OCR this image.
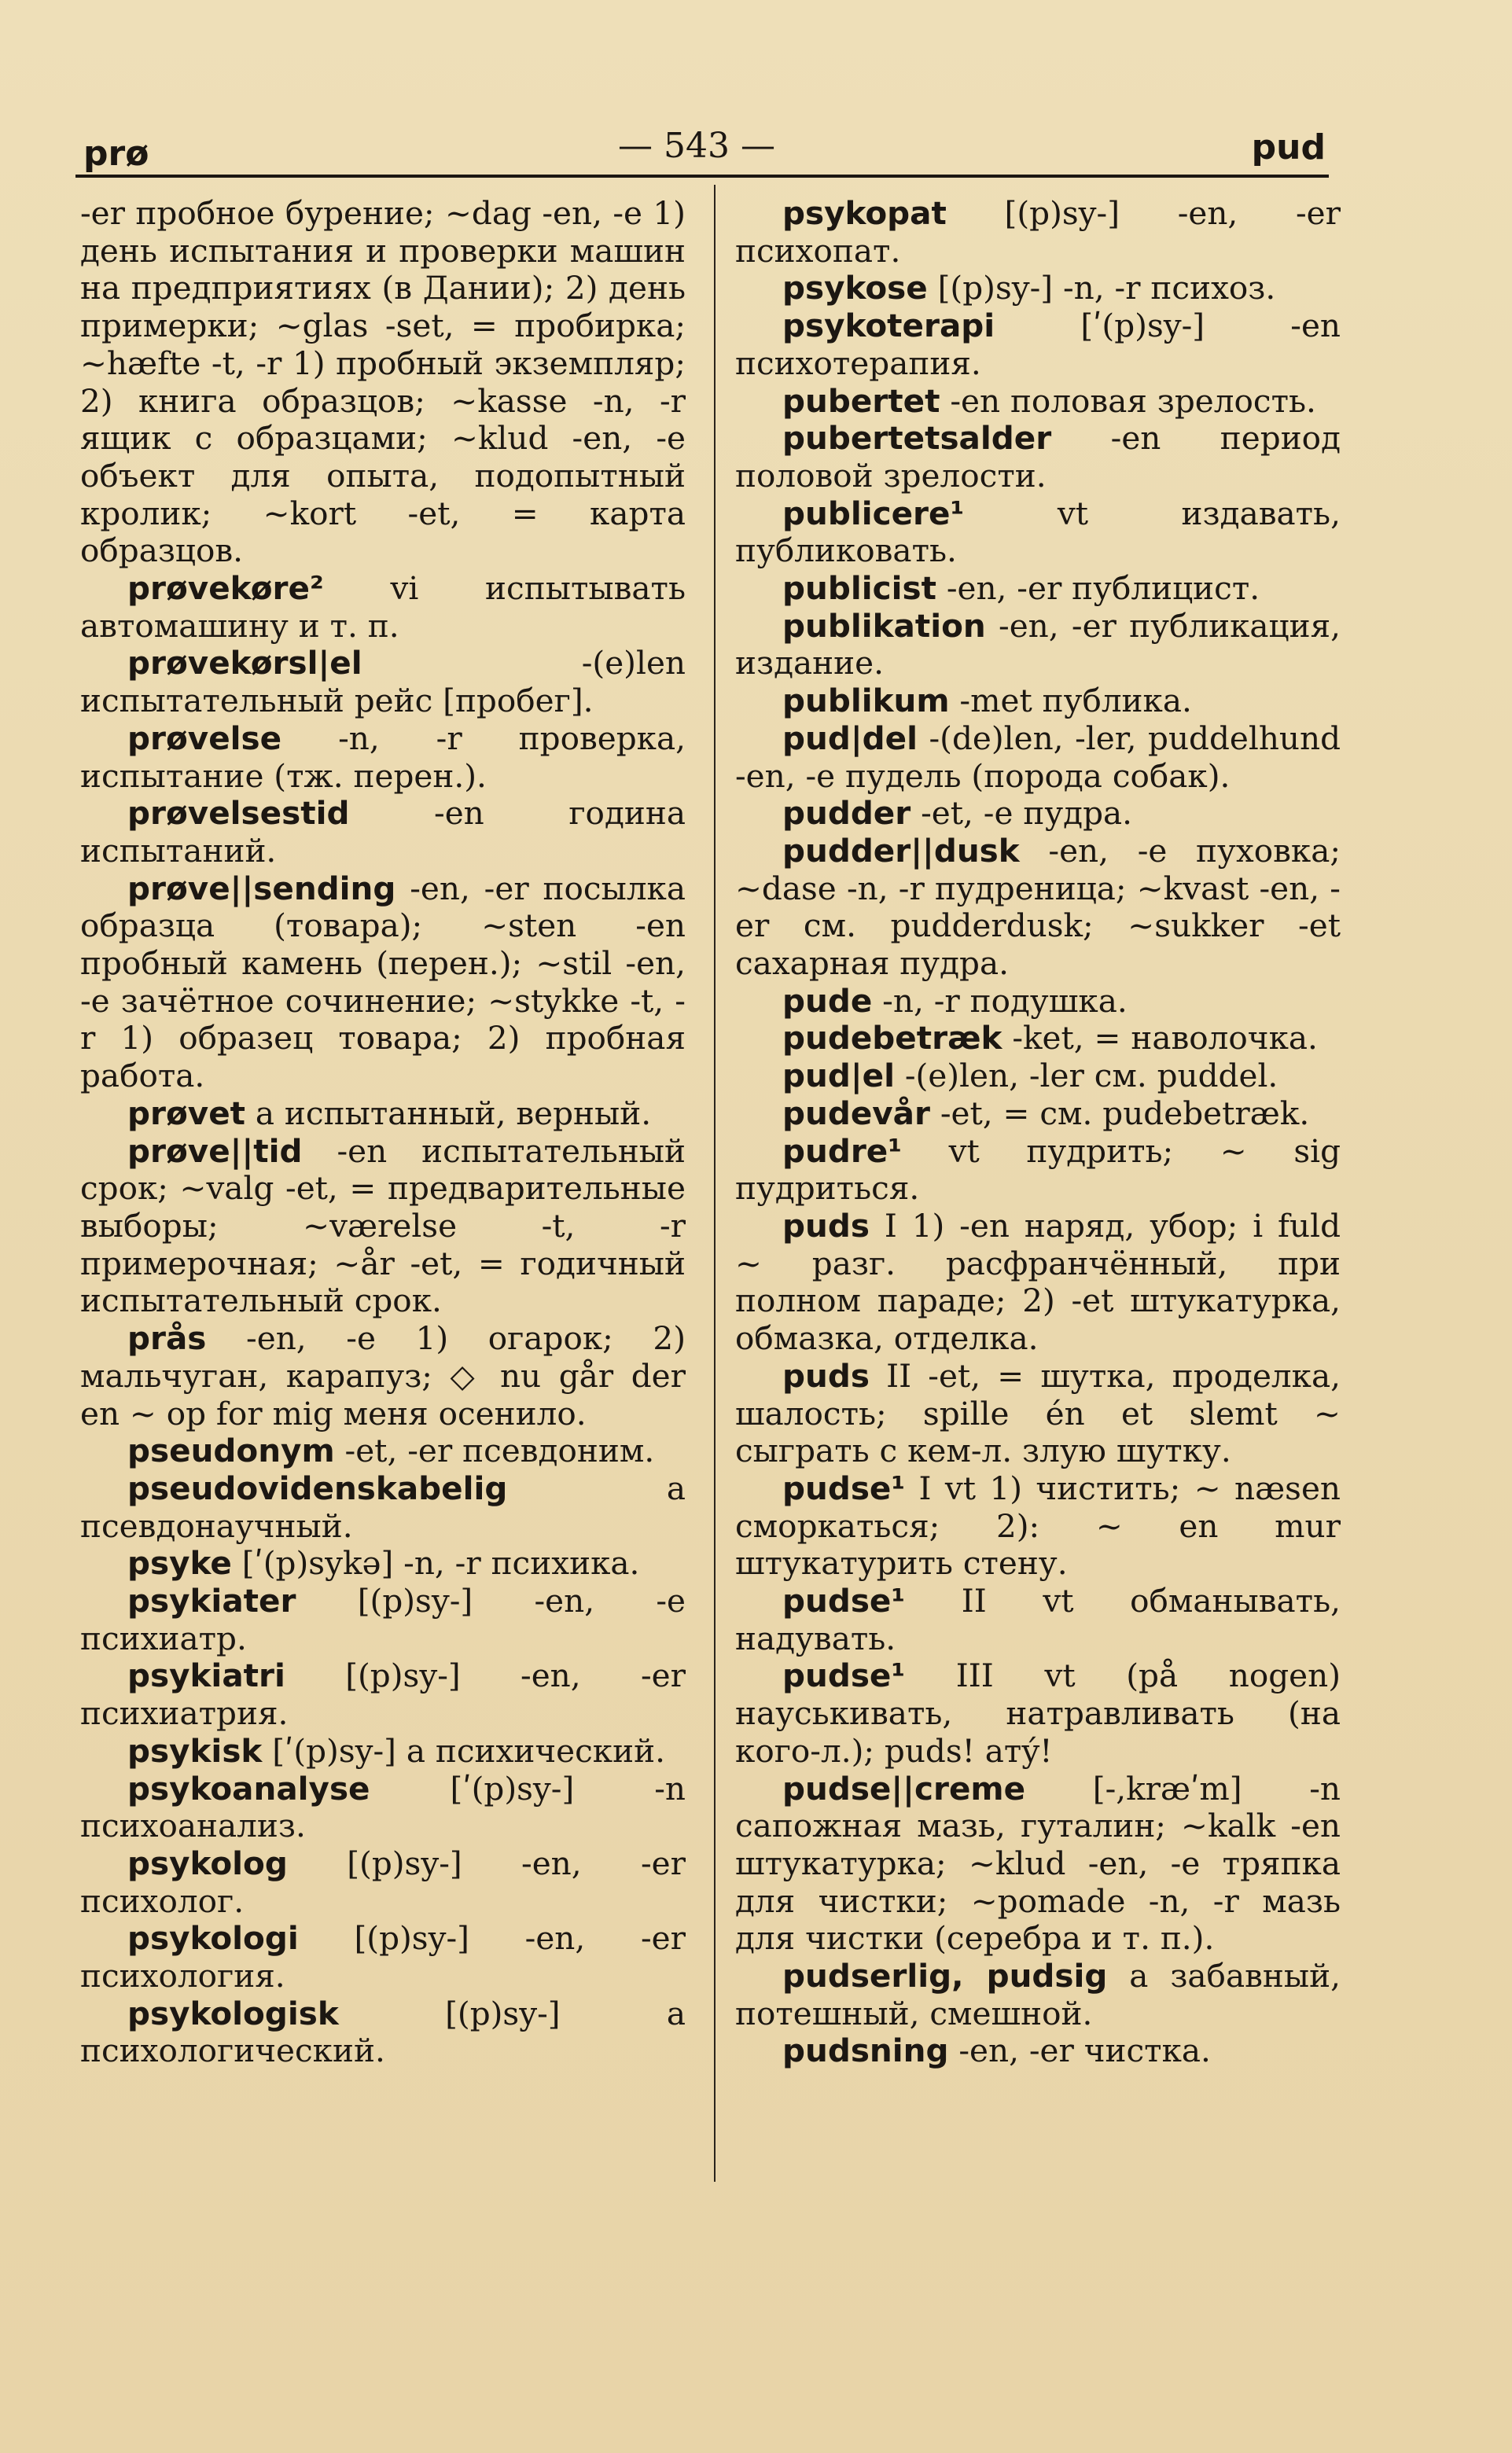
prø	— 543 —	pud

-er пробное бурение; ~dag -en, -e 1) день испытания и проверки машин на предприятиях (в Дании); 2) день примерки; ~glas -set, = пробирка; ~hæfte -t, -r 1) пробный экземпляр; 2) книга образцов; ~kasse -n, -r ящик с образцами; ~klud -en, -e объект для опыта, подопытный кролик; ~kort -et, = карта образцов.

prøvekøre² vi испытывать автомашину и т. п.

prøvekørsl|el	-(e)len испытательный рейс [пробег].

prøvelse -n, -r проверка, испытание (тж. перен.).

prøvelsestid	-en година испытаний.

prøve||sending -en, -er посылка образца (товара); ~sten -en пробный камень (перен.); ~stil -en, -e зачётное сочинение; ~stykke -t, -r 1) образец товара; 2) пробная работа.

prøvet a испытанный, верный.

prøve||tid -en испытательный срок; ~valg -et, = предварительные выборы; ~værelse -t, -r примерочная; ~år -et, = годичный испытательный срок.

prås -en, -e 1) огарок; 2) мальчуган, карапуз; ◇ nu går der en ~ op for mig меня осенило.

pseudonym -et, -er псевдоним.

pseudovidenskabelig	a псевдонаучный.

psyke [ʹ(p)sykə] -n, -r психика.

psykiater [(p)sy-] -en, -e психиатр.

psykiatri [(p)sy-] -en, -er психиатрия.

psykisk [ʹ(p)sy-] a психический.

psykoanalyse	[ʹ(p)sy-] -n психоанализ.

psykolog [(p)sy-] -en, -er психолог.

psykologi [(p)sy-] -en, -er психология.

psykologisk	[(p)sy-] a психологический.

psykopat [(p)sy-] -en, -er психопат.

psykose [(p)sy-] -n, -r психоз.

psykoterapi	[ʹ(p)sy-] -en психотерапия.

pubertet -en половая зрелость.

pubertetsalder -en период половой зрелости.

publicere¹	vt издавать, публиковать.

publicist -en, -er публицист.

publikation -en, -er публикация, издание.

publikum -met публика.

pud|del -(de)len, -ler, puddelhund -en, -e пудель (порода собак).

pudder -et, -e пудра.

pudder||dusk -en, -e пуховка; ~dase -n, -r пудреница; ~kvast -en, -er см. pudderdusk; ~sukker -et сахарная пудра.

pude -n, -r подушка.

pudebetræk -ket, = наволочка.

pud|el -(e)len, -ler см. puddel.

pudevår -et, = см. pudebetræk.

pudre¹ vt пудрить; ~ sig пудриться.

puds I 1) -en наряд, убор; i fuld ~ разг. расфранчённый, при полном параде; 2) -et штукатурка, обмазка, отделка.

puds II -et, = шутка, проделка, шалость; spille én et slemt ~ сыграть с кем-л. злую шутку.

pudse¹ I vt 1) чистить; ~ næsen сморкаться; 2): ~ en mur штукатурить стену.

pudse¹ II vt обманывать, надувать.

pudse¹ III vt (på nogen) науськивать, натравливать (на кого-л.); puds! атý!

pudse||creme [-,kræʹm] -n сапожная мазь, гуталин; ~kalk -en штукатурка; ~klud -en, -e тряпка для чистки; ~pomade -n, -r мазь для чистки (серебра и т. п.).

pudserlig, pudsig a забавный, потешный, смешной.

pudsning -en, -er чистка.
